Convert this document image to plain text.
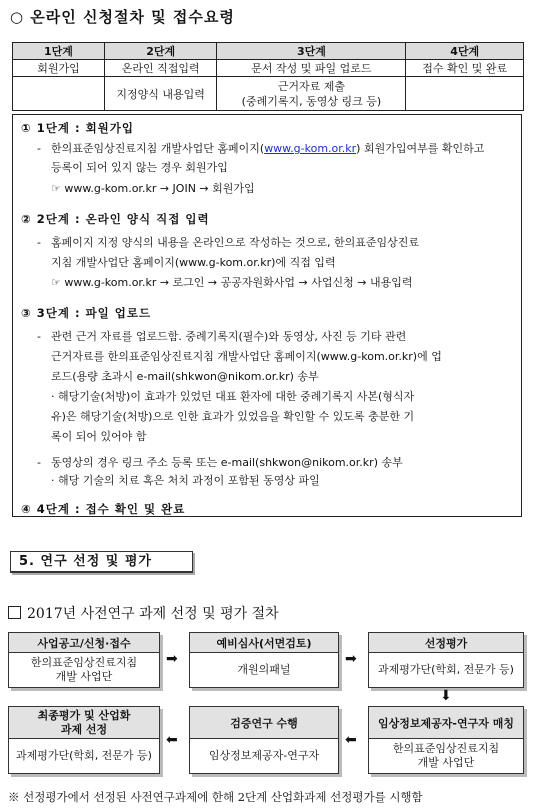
○ 온라인 신청절차 및 접수요령
1단계	2단계	3단계	4단계
회원가입	온라인 직접입력	문서 작성 및 파일 업로드	접수 확인 및 완료
	지정양식 내용입력	근거자료 제출
(중례기록지, 동영상 링크 등)	

① 1단계 : 회원가입
- 한의표준임상진료지침 개발사업단 홈페이지(www.g-kom.or.kr) 회원가입여부를 확인하고
등록이 되어 있지 않는 경우 회원가입
☞ www.g-kom.or.kr → JOIN → 회원가입
② 2단계 : 온라인 양식 직접 입력
- 홈페이지 지정 양식의 내용을 온라인으로 작성하는 것으로, 한의표준임상진료
지침 개발사업단 홈페이지(www.g-kom.or.kr)에 직접 입력
☞ www.g-kom.or.kr → 로그인 → 공공자원화사업 → 사업신청 → 내용입력
③ 3단계 : 파일 업로드
- 관련 근거 자료를 업로드함. 중례기록지(필수)와 동영상, 사진 등 기타 관련
근거자료를 한의표준임상진료지침 개발사업단 홈페이지(www.g-kom.or.kr)에 업
로드(용량 초과시 e-mail(shkwon@nikom.or.kr) 송부
· 해당기술(처방)이 효과가 있었던 대표 환자에 대한 중례기록지 사본(형식자
유)은 해당기술(처방)으로 인한 효과가 있었음을 확인할 수 있도록 충분한 기
록이 되어 있어야 함
- 동영상의 경우 링크 주소 등록 또는 e-mail(shkwon@nikom.or.kr) 송부
· 해당 기술의 치료 혹은 처치 과정이 포함된 동영상 파일
④ 4단계 : 접수 확인 및 완료
5. 연구 선정 및 평가
2017년 사전연구 과제 선정 및 평가 절차
사업공고/신청·접수
한의표준임상진료지침
개발 사업단
➡
예비심사(서면검토)
개원의패널
➡
선정평가
과제평가단(학회, 전문가 등)
⬇
최종평가 및 산업화
과제 선정
과제평가단(학회, 전문가 등)
⬅
검증연구 수행
임상정보제공자-연구자
⬅
임상정보제공자-연구자 매칭
한의표준임상진료지침
개발 사업단
※ 선정평가에서 선정된 사전연구과제에 한해 2단계 산업화과제 선정평가를 시행함
